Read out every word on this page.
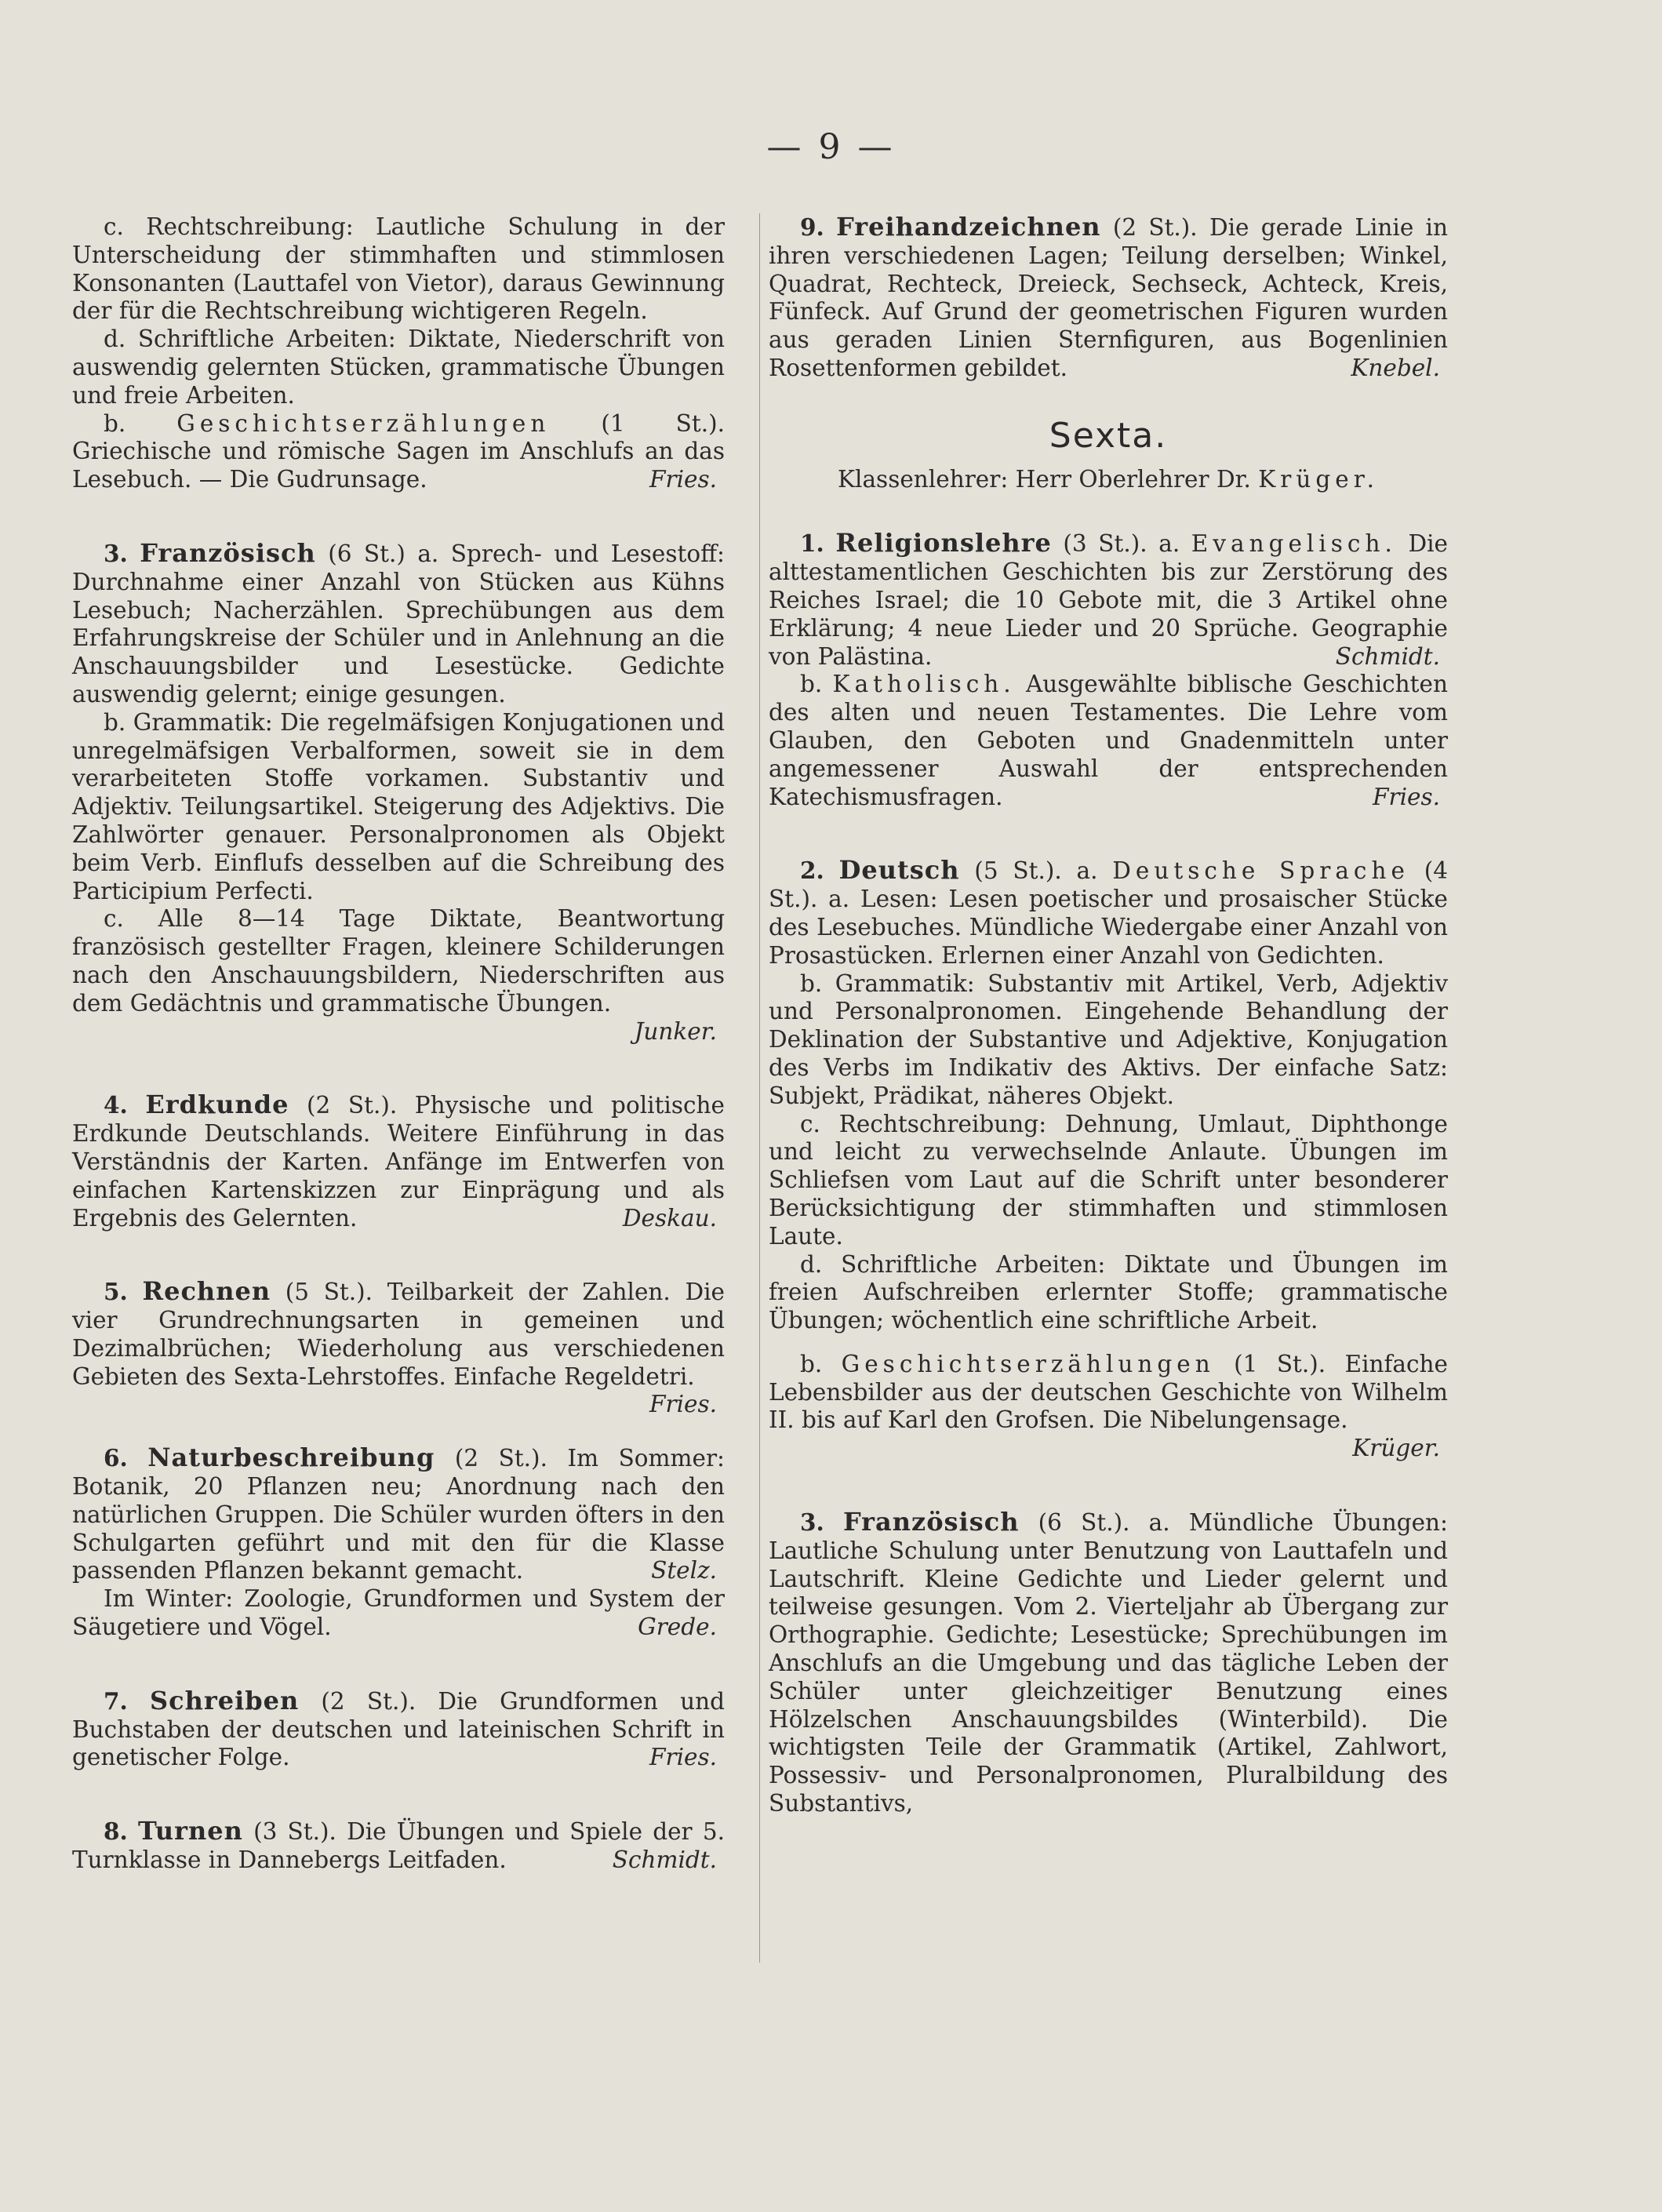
— 9 —

c. Rechtschreibung: Lautliche Schulung in der Unterscheidung der stimmhaften und stimmlosen Konsonanten (Lauttafel von Vietor), daraus Gewinnung der für die Rechtschreibung wichtigeren Regeln.

d. Schriftliche Arbeiten: Diktate, Niederschrift von auswendig gelernten Stücken, grammatische Übungen und freie Arbeiten.

b. Geschichtserzählungen (1 St.). Griechische und römische Sagen im Anschlufs an das Lesebuch. — Die Gudrunsage.	Fries.

3. Französisch (6 St.) a. Sprech- und Lesestoff: Durchnahme einer Anzahl von Stücken aus Kühns Lesebuch; Nacherzählen. Sprechübungen aus dem Erfahrungskreise der Schüler und in Anlehnung an die Anschauungsbilder und Lesestücke. Gedichte auswendig gelernt; einige gesungen.

b. Grammatik: Die regelmäfsigen Konjugationen und unregelmäfsigen Verbalformen, soweit sie in dem verarbeiteten Stoffe vorkamen. Substantiv und Adjektiv. Teilungsartikel. Steigerung des Adjektivs. Die Zahlwörter genauer. Personalpronomen als Objekt beim Verb. Einflufs desselben auf die Schreibung des Participium Perfecti.

c. Alle 8—14 Tage Diktate, Beantwortung französisch gestellter Fragen, kleinere Schilderungen nach den Anschauungsbildern, Niederschriften aus dem Gedächtnis und grammatische Übungen.
Junker.

4. Erdkunde (2 St.). Physische und politische Erdkunde Deutschlands. Weitere Einführung in das Verständnis der Karten. Anfänge im Entwerfen von einfachen Kartenskizzen zur Einprägung und als Ergebnis des Gelernten.	Deskau.

5. Rechnen (5 St.). Teilbarkeit der Zahlen. Die vier Grundrechnungsarten in gemeinen und Dezimalbrüchen; Wiederholung aus verschiedenen Gebieten des Sexta-Lehrstoffes. Einfache Regeldetri.
Fries.

6. Naturbeschreibung (2 St.). Im Sommer: Botanik, 20 Pflanzen neu; Anordnung nach den natürlichen Gruppen. Die Schüler wurden öfters in den Schulgarten geführt und mit den für die Klasse passenden Pflanzen bekannt gemacht.	Stelz.

Im Winter: Zoologie, Grundformen und System der Säugetiere und Vögel.	Grede.

7. Schreiben (2 St.). Die Grundformen und Buchstaben der deutschen und lateinischen Schrift in genetischer Folge.	Fries.

8. Turnen (3 St.). Die Übungen und Spiele der 5. Turnklasse in Dannebergs Leitfaden.	Schmidt.

9. Freihandzeichnen (2 St.). Die gerade Linie in ihren verschiedenen Lagen; Teilung derselben; Winkel, Quadrat, Rechteck, Dreieck, Sechseck, Achteck, Kreis, Fünfeck. Auf Grund der geometrischen Figuren wurden aus geraden Linien Sternfiguren, aus Bogenlinien Rosettenformen gebildet.	Knebel.

Sexta.
Klassenlehrer: Herr Oberlehrer Dr. Krüger.

1. Religionslehre (3 St.). a. Evangelisch. Die alttestamentlichen Geschichten bis zur Zerstörung des Reiches Israel; die 10 Gebote mit, die 3 Artikel ohne Erklärung; 4 neue Lieder und 20 Sprüche. Geographie von Palästina.	Schmidt.

b. Katholisch. Ausgewählte biblische Geschichten des alten und neuen Testamentes. Die Lehre vom Glauben, den Geboten und Gnadenmitteln unter angemessener Auswahl der entsprechenden Katechismusfragen.	Fries.

2. Deutsch (5 St.). a. Deutsche Sprache (4 St.). a. Lesen: Lesen poetischer und prosaischer Stücke des Lesebuches. Mündliche Wiedergabe einer Anzahl von Prosastücken. Erlernen einer Anzahl von Gedichten.

b. Grammatik: Substantiv mit Artikel, Verb, Adjektiv und Personalpronomen. Eingehende Behandlung der Deklination der Substantive und Adjektive, Konjugation des Verbs im Indikativ des Aktivs. Der einfache Satz: Subjekt, Prädikat, näheres Objekt.

c. Rechtschreibung: Dehnung, Umlaut, Diphthonge und leicht zu verwechselnde Anlaute. Übungen im Schliefsen vom Laut auf die Schrift unter besonderer Berücksichtigung der stimmhaften und stimmlosen Laute.

d. Schriftliche Arbeiten: Diktate und Übungen im freien Aufschreiben erlernter Stoffe; grammatische Übungen; wöchentlich eine schriftliche Arbeit.

b. Geschichtserzählungen (1 St.). Einfache Lebensbilder aus der deutschen Geschichte von Wilhelm II. bis auf Karl den Grofsen. Die Nibelungensage.
Krüger.

3. Französisch (6 St.). a. Mündliche Übungen: Lautliche Schulung unter Benutzung von Lauttafeln und Lautschrift. Kleine Gedichte und Lieder gelernt und teilweise gesungen. Vom 2. Vierteljahr ab Übergang zur Orthographie. Gedichte; Lesestücke; Sprechübungen im Anschlufs an die Umgebung und das tägliche Leben der Schüler unter gleichzeitiger Benutzung eines Hölzelschen Anschauungsbildes (Winterbild). Die wichtigsten Teile der Grammatik (Artikel, Zahlwort, Possessiv- und Personalpronomen, Pluralbildung des Substantivs,
